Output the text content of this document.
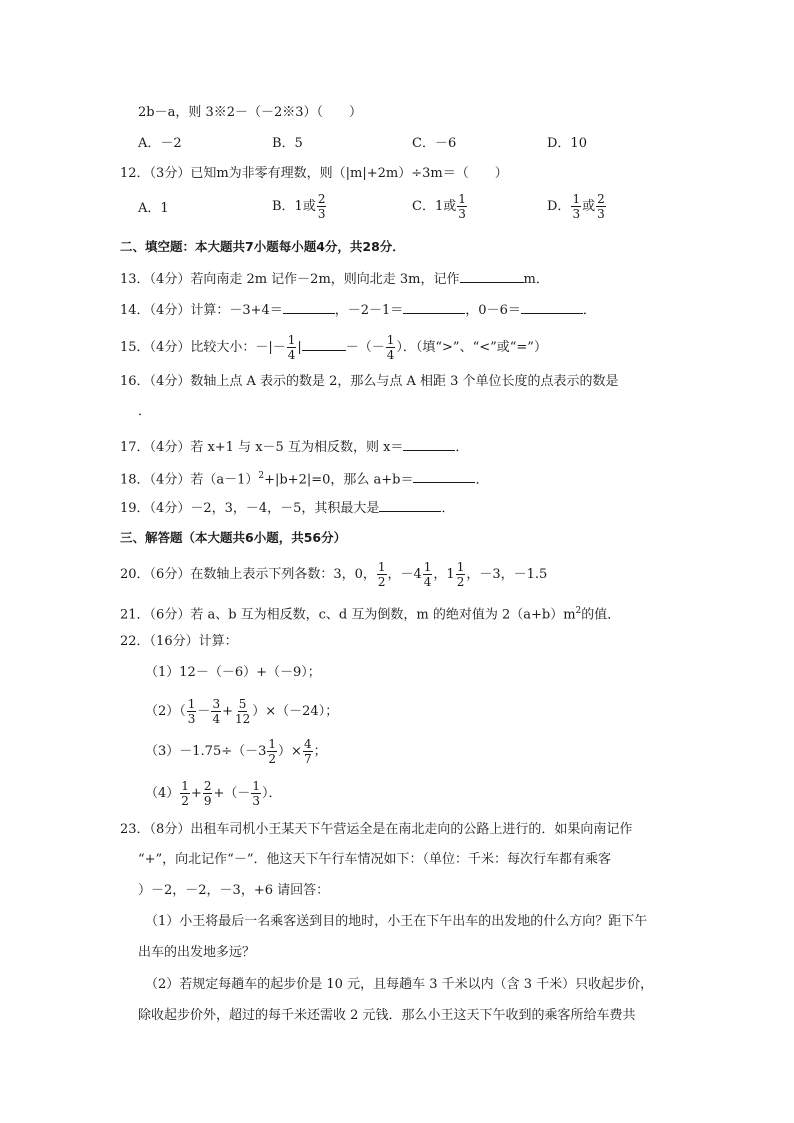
2b－a，则 3※2－（－2※3）（　　）
A．－2	B．5	C．－6	D．10
12．（3分）已知m为非零有理数，则（|m|+2m）÷3m＝（　　）
A．1	B．1或 $\frac{2}{3}$	C．1或 $\frac{1}{3}$	D． $\frac{1}{3}$ 或 $\frac{2}{3}$
二、填空题：本大题共7小题每小题4分，共28分．
13．（4分）若向南走 2m 记作－2m，则向北走 3m，记作	m．
14．（4分）计算：－3+4＝	，－2－1＝	，0－6＝	．
15．（4分）比较大小：－|－ $\frac{1}{4}$ |	－（－ $\frac{1}{4}$ ）．（填“>”、“<”或“=”）
16．（4分）数轴上点 A 表示的数是 2，那么与点 A 相距 3 个单位长度的点表示的数是
．
17．（4分）若 x+1 与 x－5 互为相反数，则 x＝	．
18．（4分）若$(a-1)^2+|b+2|=0$，那么 a+b＝	．
19．（4分）－2，3，－4，－5，其积最大是	．
三、解答题（本大题共6小题，共56分）
20．（6分）在数轴上表示下列各数：3，0， $\frac{1}{2}$ ，$-4 \frac{1}{4}$ ，$1 \frac{1}{2}$ ，－3，－1.5
21．（6分）若 a、b 互为相反数，c、d 互为倒数，m 的绝对值为 $2(a+b)m^2$的值．
22．（16分）计算：
（1）12－（－6）+（－9）；
$(2)( \frac{1}{3} - \frac{3}{4} + \frac{5}{12} )\times(-24)$；
$(3)-1.75\div(-3 \frac{1}{2}$ ）× $\frac{4}{7}$ ；
$(4) \frac{1}{2} + \frac{2}{9}$ +（－ $\frac{1}{3}$ ）．
23．（8分）出租车司机小王某天下午营运全是在南北走向的公路上进行的．如果向南记作
“+”，向北记作“－”．他这天下午行车情况如下：（单位：千米：每次行车都有乘客
）－2，－2，－3，+6 请回答：
（1）小王将最后一名乘客送到目的地时，小王在下午出车的出发地的什么方向？距下午
出车的出发地多远？
（2）若规定每趟车的起步价是 10 元，且每趟车 3 千米以内（含 3 千米）只收起步价，
除收起步价外，超过的每千米还需收 2 元钱．那么小王这天下午收到的乘客所给车费共
